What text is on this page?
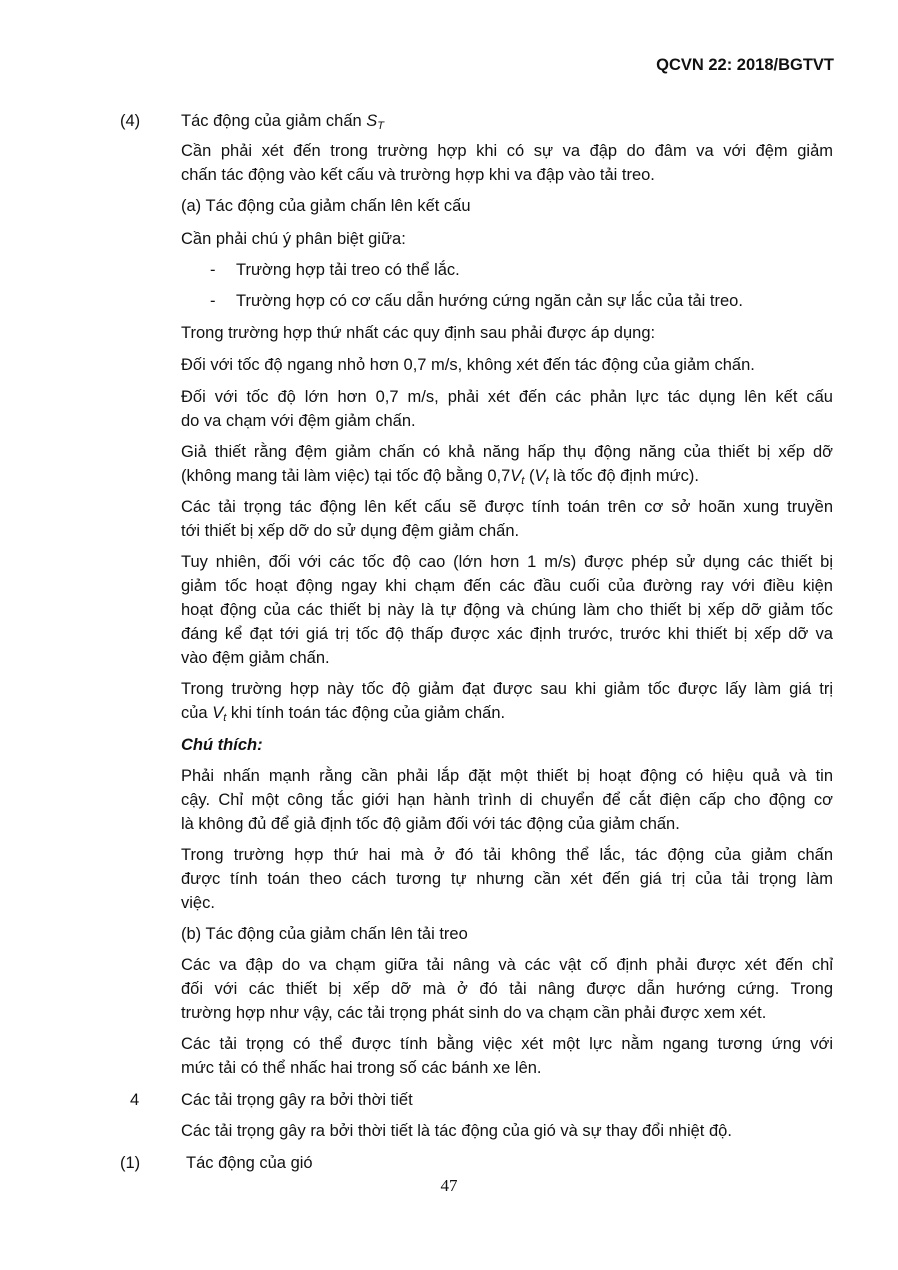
QCVN 22: 2018/BGTVT
(4) Tác động của giảm chấn $S_T$
Cần phải xét đến trong trường hợp khi có sự va đập do đâm va với đệm giảm
chấn tác động vào kết cấu và trường hợp khi va đập vào tải treo.
(a) Tác động của giảm chấn lên kết cấu
Cần phải chú ý phân biệt giữa:
- Trường hợp tải treo có thể lắc.
- Trường hợp có cơ cấu dẫn hướng cứng ngăn cản sự lắc của tải treo.
Trong trường hợp thứ nhất các quy định sau phải được áp dụng:
Đối với tốc độ ngang nhỏ hơn 0,7 m/s, không xét đến tác động của giảm chấn.
Đối với tốc độ lớn hơn 0,7 m/s, phải xét đến các phản lực tác dụng lên kết cấu
do va chạm với đệm giảm chấn.
Giả thiết rằng đệm giảm chấn có khả năng hấp thụ động năng của thiết bị xếp dỡ
(không mang tải làm việc) tại tốc độ bằng $0,7V_t$ ($V_t$ là tốc độ định mức).
Các tải trọng tác động lên kết cấu sẽ được tính toán trên cơ sở hoãn xung truyền
tới thiết bị xếp dỡ do sử dụng đệm giảm chấn.
Tuy nhiên, đối với các tốc độ cao (lớn hơn 1 m/s) được phép sử dụng các thiết bị
giảm tốc hoạt động ngay khi chạm đến các đầu cuối của đường ray với điều kiện
hoạt động của các thiết bị này là tự động và chúng làm cho thiết bị xếp dỡ giảm tốc
đáng kể đạt tới giá trị tốc độ thấp được xác định trước, trước khi thiết bị xếp dỡ va
vào đệm giảm chấn.
Trong trường hợp này tốc độ giảm đạt được sau khi giảm tốc được lấy làm giá trị
của $V_t$ khi tính toán tác động của giảm chấn.
Chú thích:
Phải nhấn mạnh rằng cần phải lắp đặt một thiết bị hoạt động có hiệu quả và tin
cậy. Chỉ một công tắc giới hạn hành trình di chuyển để cắt điện cấp cho động cơ
là không đủ để giả định tốc độ giảm đối với tác động của giảm chấn.
Trong trường hợp thứ hai mà ở đó tải không thể lắc, tác động của giảm chấn
được tính toán theo cách tương tự nhưng cần xét đến giá trị của tải trọng làm
việc.
(b) Tác động của giảm chấn lên tải treo
Các va đập do va chạm giữa tải nâng và các vật cố định phải được xét đến chỉ
đối với các thiết bị xếp dỡ mà ở đó tải nâng được dẫn hướng cứng. Trong
trường hợp như vậy, các tải trọng phát sinh do va chạm cần phải được xem xét.
Các tải trọng có thể được tính bằng việc xét một lực nằm ngang tương ứng với
mức tải có thể nhấc hai trong số các bánh xe lên.
4	Các tải trọng gây ra bởi thời tiết
Các tải trọng gây ra bởi thời tiết là tác động của gió và sự thay đổi nhiệt độ.
(1)	Tác động của gió
47
